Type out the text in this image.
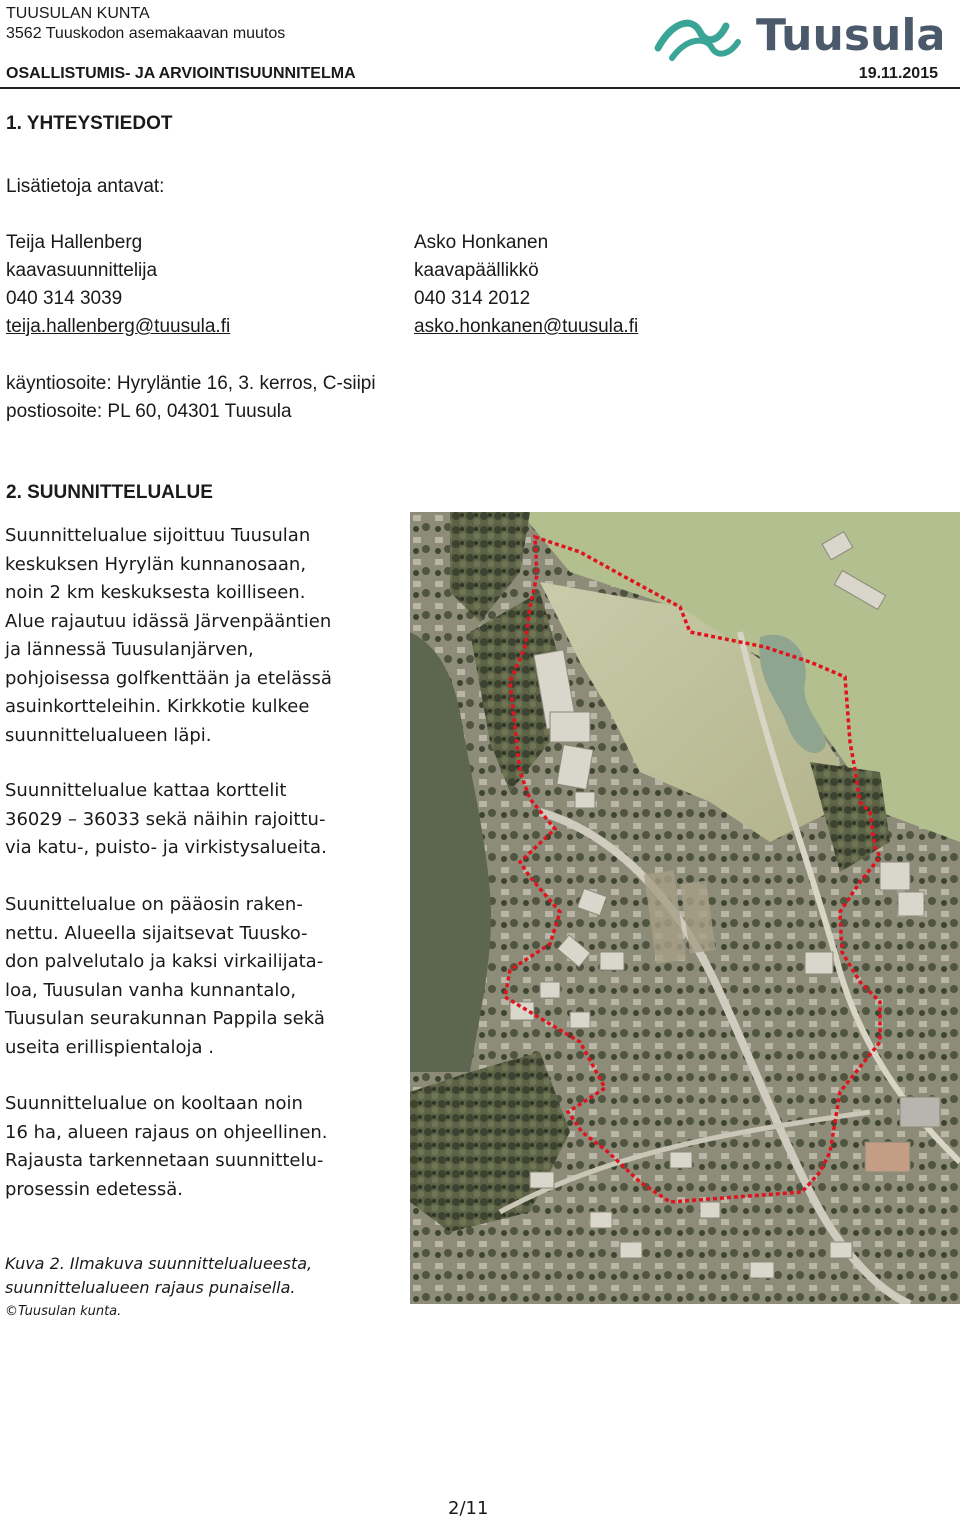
TUUSULAN KUNTA
3562 Tuuskodon asemakaavan muutos
OSALLISTUMIS- JA ARVIOINTISUUNNITELMA	19.11.2015
Tuusula
1. YHTEYSTIEDOT
Lisätietoja antavat:

Teija Hallenberg

kaavasuunnittelija

040 314 3039

teija.hallenberg@tuusula.fi

Asko Honkanen

kaavapäällikkö

040 314 2012

asko.honkanen@tuusula.fi

käyntiosoite: Hyryläntie 16, 3. kerros, C-siipi

postiosoite: PL 60, 04301 Tuusula

2. SUUNNITTELUALUE

Suunnittelualue sijoittuu Tuusulan

keskuksen Hyrylän kunnanosaan,

noin 2 km keskuksesta koilliseen.

Alue rajautuu idässä Järvenpääntien

ja lännessä Tuusulanjärven,

pohjoisessa golfkenttään ja etelässä

asuinkortteleihin. Kirkkotie kulkee

suunnittelualueen läpi.

Suunnittelualue kattaa korttelit

36029 – 36033 sekä näihin rajoittu-

via katu-, puisto- ja virkistysalueita.

Suunittelualue on pääosin raken-

nettu. Alueella sijaitsevat Tuusko-

don palvelutalo ja kaksi virkailijata-

loa, Tuusulan vanha kunnantalo,

Tuusulan seurakunnan Pappila sekä

useita erillispientaloja .

Suunnittelualue on kooltaan noin

16 ha, alueen rajaus on ohjeellinen.

Rajausta tarkennetaan suunnittelu-

prosessin edetessä.

Kuva 2. Ilmakuva suunnittelualueesta,

suunnittelualueen rajaus punaisella.

©Tuusulan kunta.
2/11
